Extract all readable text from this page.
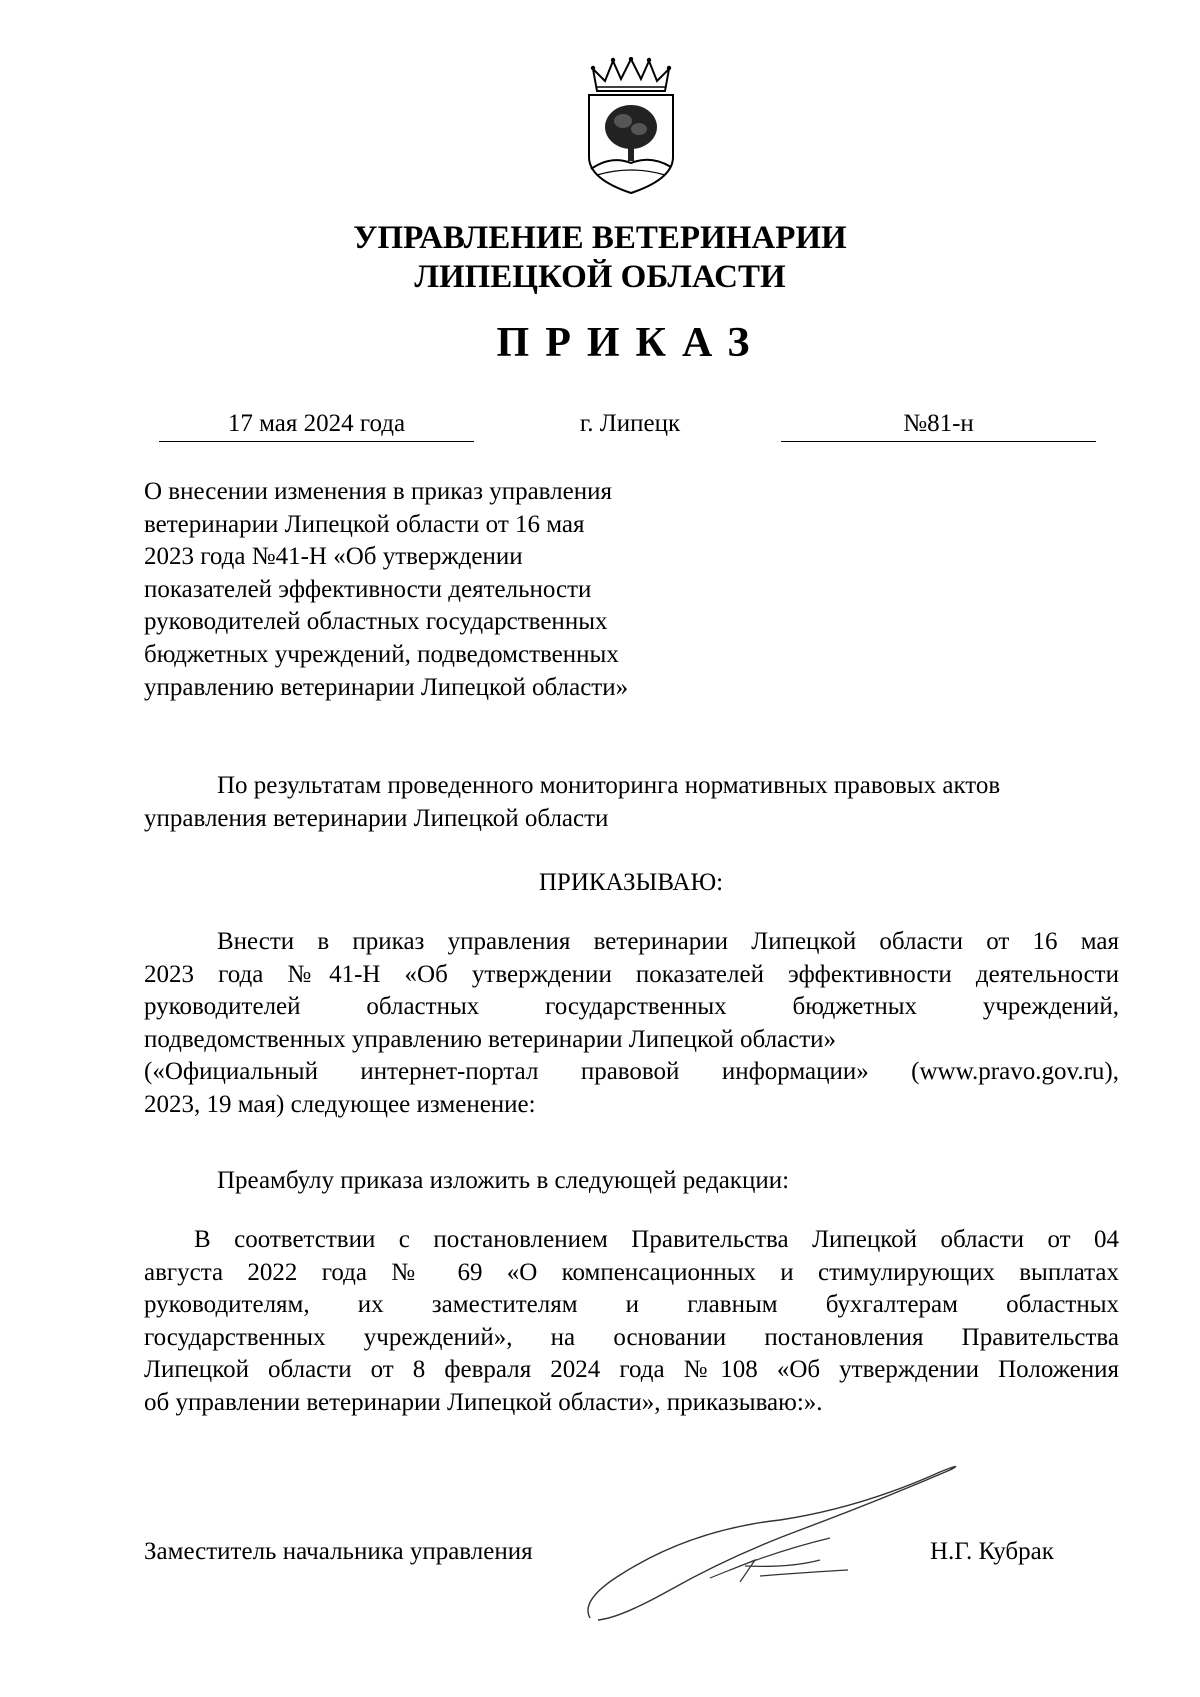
УПРАВЛЕНИЕ ВЕТЕРИНАРИИ
ЛИПЕЦКОЙ ОБЛАСТИ
ПРИКАЗ
17 мая 2024 года	г. Липецк	№81-н
О внесении изменения в приказ управления
ветеринарии Липецкой области от 16 мая
2023 года №41-Н «Об утверждении
показателей эффективности деятельности
руководителей областных государственных
бюджетных учреждений, подведомственных
управлению ветеринарии Липецкой области»
По результатам проведенного мониторинга нормативных правовых актов
управления ветеринарии Липецкой области
ПРИКАЗЫВАЮ:
Внести в приказ управления ветеринарии Липецкой области от 16 мая
2023 года №41-Н «Об утверждении показателей эффективности деятельности
руководителей областных государственных бюджетных учреждений,
подведомственных управлению ветеринарии Липецкой области»
(«Официальный интернет-портал правовой информации» (www.pravo.gov.ru),
2023, 19 мая) следующее изменение:
Преамбулу приказа изложить в следующей редакции:
В соответствии с постановлением Правительства Липецкой области от 04
августа 2022 года № 69 «О компенсационных и стимулирующих выплатах
руководителям, их заместителям и главным бухгалтерам областных
государственных учреждений», на основании постановления Правительства
Липецкой области от 8 февраля 2024 года №108 «Об утверждении Положения
об управлении ветеринарии Липецкой области», приказываю:».
Заместитель начальника управления	Н.Г. Кубрак
